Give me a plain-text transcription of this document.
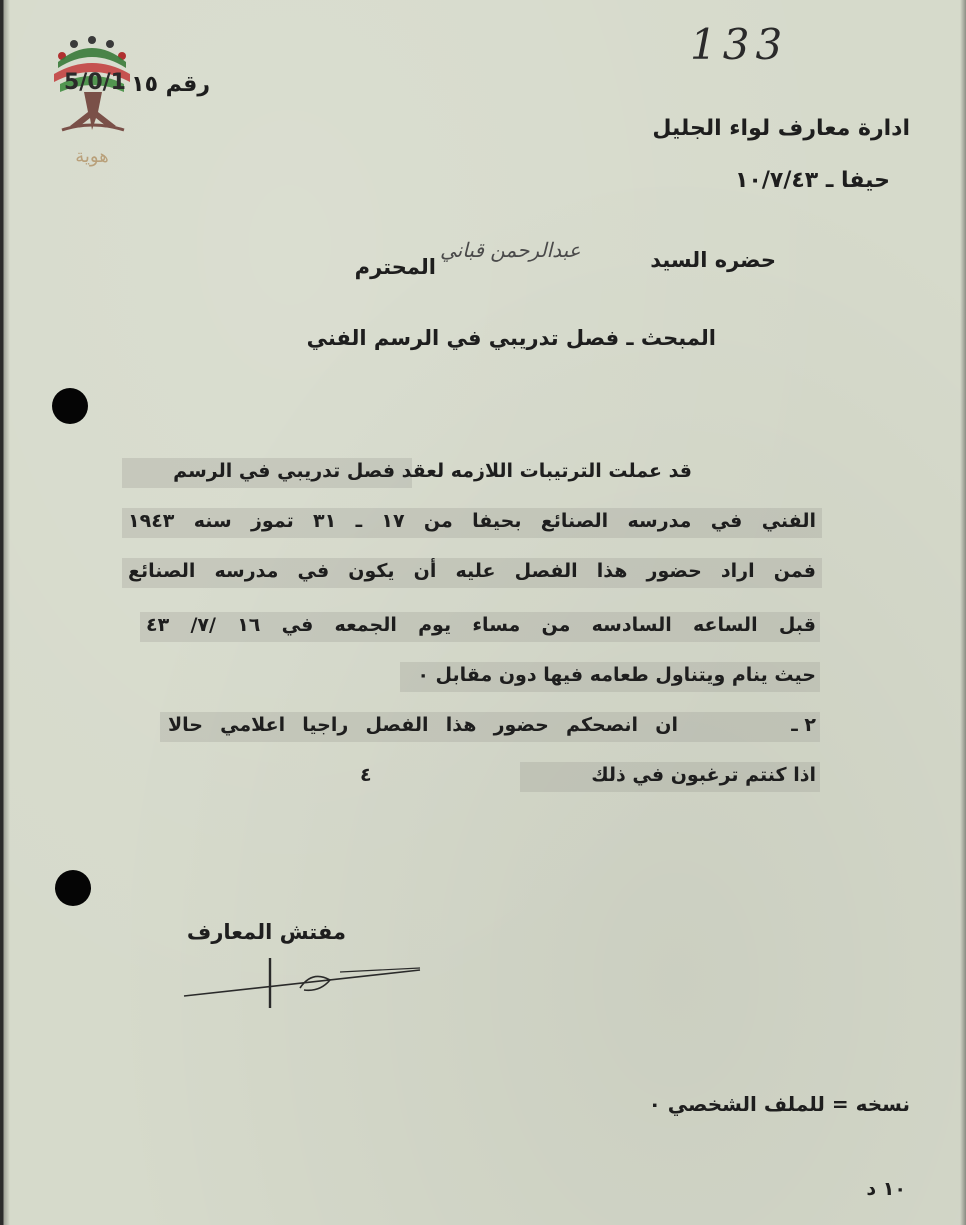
هوية
133
5/0/1 رقم ١٥
ادارة معارف لواء الجليل
حيفا ـ ١٠/٧/٤٣
حضره السيد
عبدالرحمن قباني
المحترم
المبحث ـ فصل تدريبي في الرسم الفني
قد عملت الترتيبات اللازمه لعقد فصل تدريبي في الرسم
الفني في مدرسه الصنائع بحيفا من ١٧ ـ ٣١ تموز سنه ١٩٤٣
فمن اراد حضور هذا الفصل عليه أن يكون في مدرسه الصنائع
قبل الساعه السادسه من مساء يوم الجمعه في ١٦ /٧/ ٤٣
حيث ينام ويتناول طعامه فيها دون مقابل ٠
٢ ـ
ان انصحكم حضور هذا الفصل راجيا اعلامي حالا
اذا كنتم ترغبون في ذلك
٤
مفتش المعارف
نسخه = للملف الشخصي ٠
١٠ د
